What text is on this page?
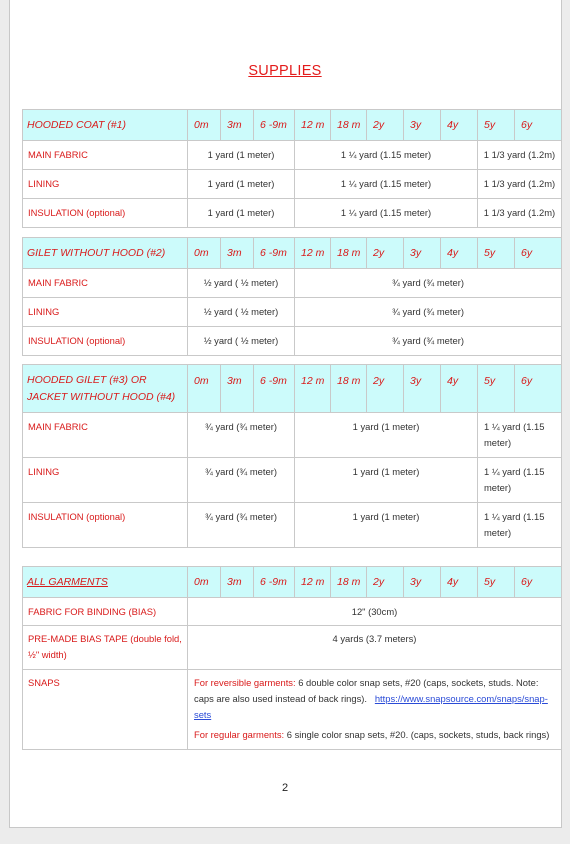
SUPPLIES
HOODED COAT (#1)	0m	3m	6 -9m	12 m	18 m	2y	3y	4y	5y	6y
MAIN FABRIC	1 yard (1 meter)			1 ¼ yard (1.15 meter)					1 1/3 yard (1.2m)	
LINING	1 yard (1 meter)			1 ¼ yard (1.15 meter)					1 1/3 yard (1.2m)	
INSULATION (optional)	1 yard (1 meter)			1 ¼ yard (1.15 meter)					1 1/3 yard (1.2m)	
GILET WITHOUT HOOD (#2)	0m	3m	6 -9m	12 m	18 m	2y	3y	4y	5y	6y
MAIN FABRIC	½ yard ( ½ meter)			¾ yard (¾ meter)						
LINING	½ yard ( ½ meter)			¾ yard (¾ meter)						
INSULATION (optional)	½ yard ( ½ meter)			¾ yard (¾ meter)						
HOODED GILET (#3) OR JACKET WITHOUT HOOD (#4)	0m	3m	6 -9m	12 m	18 m	2y	3y	4y	5y	6y
MAIN FABRIC	¾ yard (¾ meter)			1 yard (1 meter)					1 ¼ yard (1.15 meter)	
LINING	¾ yard (¾ meter)			1 yard (1 meter)					1 ¼ yard (1.15 meter)	
INSULATION (optional)	¾ yard (¾ meter)			1 yard (1 meter)					1 ¼ yard (1.15 meter)	
ALL GARMENTS	0m	3m	6 -9m	12 m	18 m	2y	3y	4y	5y	6y
FABRIC FOR BINDING (BIAS)	12" (30cm)									
PRE-MADE BIAS TAPE (double fold, ½" width)	4 yards (3.7 meters)									
SNAPS	For reversible garments: 6 double color snap sets, #20 (caps, sockets, studs. Note: caps are also used instead of back rings). https://www.snapsource.com/snaps/snap-sets
For regular garments: 6 single color snap sets, #20. (caps, sockets, studs, back rings)									
2
